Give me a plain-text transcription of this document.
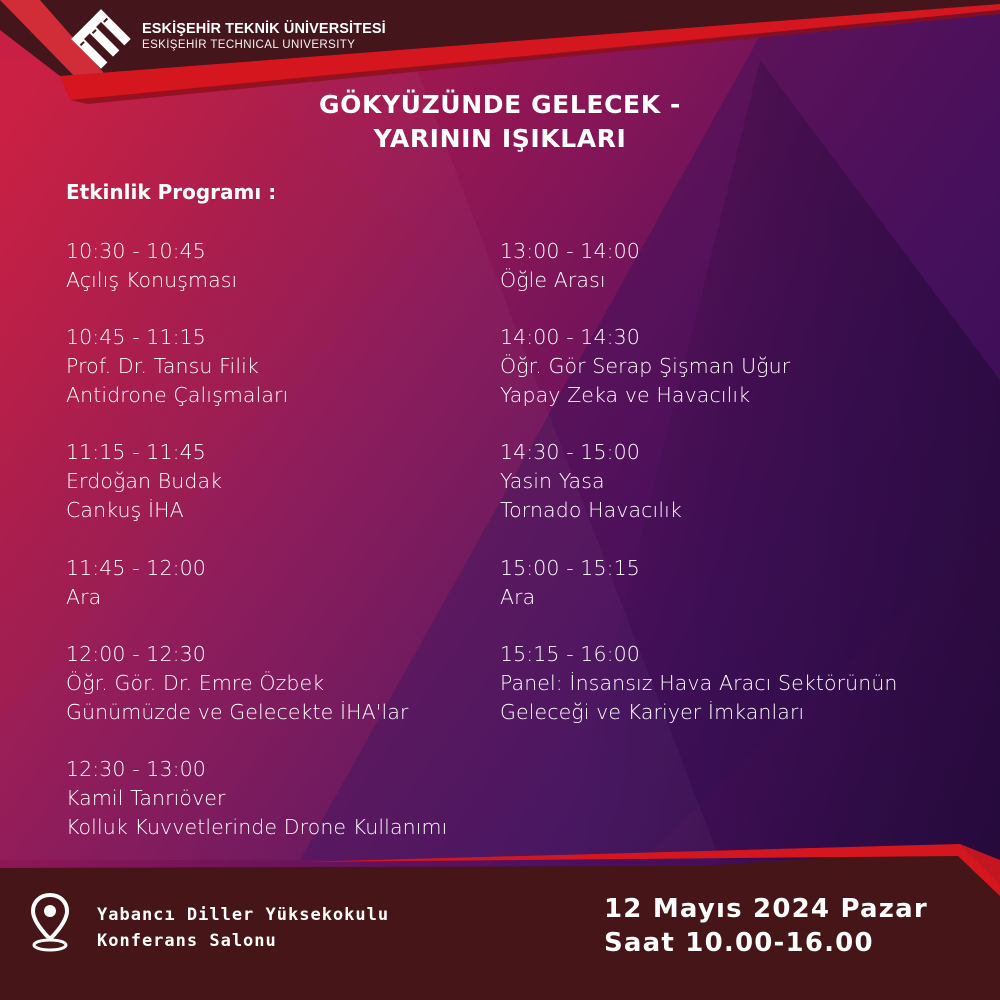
ESKİŞEHİR TEKNİK ÜNİVERSİTESİ
ESKİŞEHİR TECHNICAL UNIVERSITY
GÖKYÜZÜNDE GELECEK -
YARININ IŞIKLARI
Etkinlik Programı :
10:30 - 10:45
Açılış Konuşması
10:45 - 11:15
Prof. Dr. Tansu Filik
Antidrone Çalışmaları
11:15 - 11:45
Erdoğan Budak
Cankuş İHA
11:45 - 12:00
Ara
12:00 - 12:30
Öğr. Gör. Dr. Emre Özbek
Günümüzde ve Gelecekte İHA'lar
12:30 - 13:00
Kamil Tanrıöver
Kolluk Kuvvetlerinde Drone Kullanımı
13:00 - 14:00
Öğle Arası
14:00 - 14:30
Öğr. Gör Serap Şişman Uğur
Yapay Zeka ve Havacılık
14:30 - 15:00
Yasin Yasa
Tornado Havacılık
15:00 - 15:15
Ara
15:15 - 16:00
Panel: İnsansız Hava Aracı Sektörünün
Geleceği ve Kariyer İmkanları
Yabancı Diller Yüksekokulu
Konferans Salonu
12 Mayıs 2024 Pazar
Saat 10.00-16.00
